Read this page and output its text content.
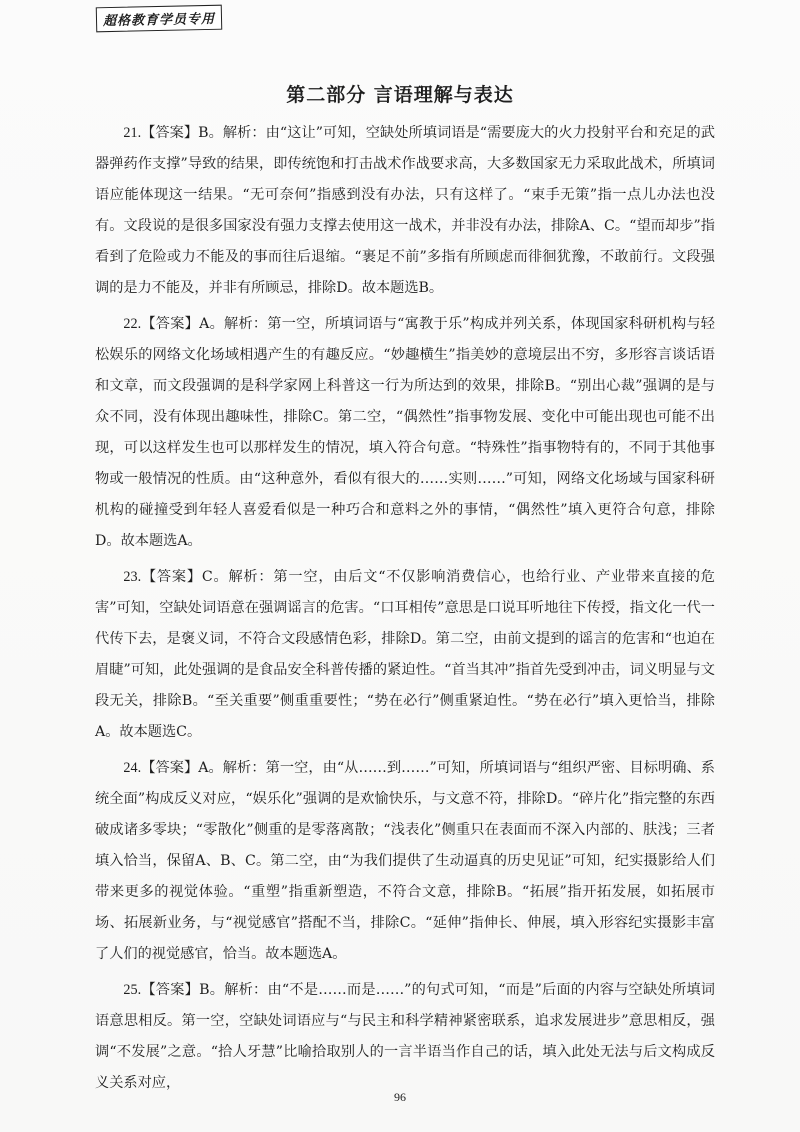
超格教育学员专用
第二部分 言语理解与表达

21.【答案】B。解析：由“这让”可知，空缺处所填词语是“需要庞大的火力投射平台和充足的武器弹药作支撑”导致的结果，即传统饱和打击战术作战要求高，大多数国家无力采取此战术，所填词语应能体现这一结果。“无可奈何”指感到没有办法，只有这样了。“束手无策”指一点儿办法也没有。文段说的是很多国家没有强力支撑去使用这一战术，并非没有办法，排除A、C。“望而却步”指看到了危险或力不能及的事而往后退缩。“裹足不前”多指有所顾虑而徘徊犹豫，不敢前行。文段强调的是力不能及，并非有所顾忌，排除D。故本题选B。

22.【答案】A。解析：第一空，所填词语与“寓教于乐”构成并列关系，体现国家科研机构与轻松娱乐的网络文化场域相遇产生的有趣反应。“妙趣横生”指美妙的意境层出不穷，多形容言谈话语和文章，而文段强调的是科学家网上科普这一行为所达到的效果，排除B。“别出心裁”强调的是与众不同，没有体现出趣味性，排除C。第二空，“偶然性”指事物发展、变化中可能出现也可能不出现，可以这样发生也可以那样发生的情况，填入符合句意。“特殊性”指事物特有的，不同于其他事物或一般情况的性质。由“这种意外，看似有很大的……实则……”可知，网络文化场域与国家科研机构的碰撞受到年轻人喜爱看似是一种巧合和意料之外的事情，“偶然性”填入更符合句意，排除D。故本题选A。

23.【答案】C。解析：第一空，由后文“不仅影响消费信心，也给行业、产业带来直接的危害”可知，空缺处词语意在强调谣言的危害。“口耳相传”意思是口说耳听地往下传授，指文化一代一代传下去，是褒义词，不符合文段感情色彩，排除D。第二空，由前文提到的谣言的危害和“也迫在眉睫”可知，此处强调的是食品安全科普传播的紧迫性。“首当其冲”指首先受到冲击，词义明显与文段无关，排除B。“至关重要”侧重重要性；“势在必行”侧重紧迫性。“势在必行”填入更恰当，排除A。故本题选C。

24.【答案】A。解析：第一空，由“从……到……”可知，所填词语与“组织严密、目标明确、系统全面”构成反义对应，“娱乐化”强调的是欢愉快乐，与文意不符，排除D。“碎片化”指完整的东西破成诸多零块；“零散化”侧重的是零落离散；“浅表化”侧重只在表面而不深入内部的、肤浅；三者填入恰当，保留A、B、C。第二空，由“为我们提供了生动逼真的历史见证”可知，纪实摄影给人们带来更多的视觉体验。“重塑”指重新塑造，不符合文意，排除B。“拓展”指开拓发展，如拓展市场、拓展新业务，与“视觉感官”搭配不当，排除C。“延伸”指伸长、伸展，填入形容纪实摄影丰富了人们的视觉感官，恰当。故本题选A。

25.【答案】B。解析：由“不是……而是……”的句式可知，“而是”后面的内容与空缺处所填词语意思相反。第一空，空缺处词语应与“与民主和科学精神紧密联系，追求发展进步”意思相反，强调“不发展”之意。“拾人牙慧”比喻拾取别人的一言半语当作自己的话，填入此处无法与后文构成反义关系对应，

96
